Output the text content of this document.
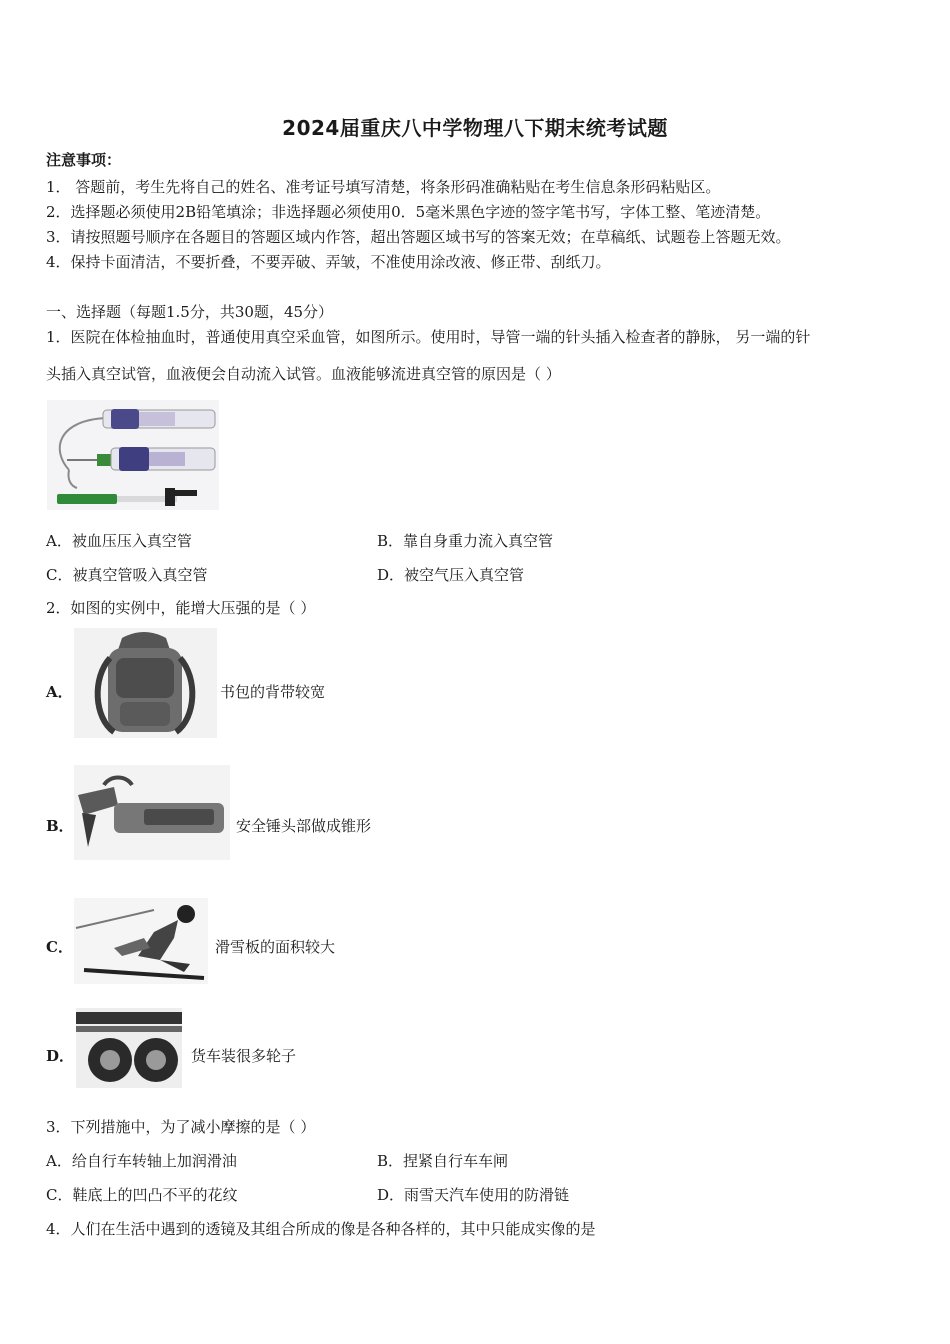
2024届重庆八中学物理八下期末统考试题
注意事项：
1． 答题前，考生先将自己的姓名、准考证号填写清楚，将条形码准确粘贴在考生信息条形码粘贴区。
2．选择题必须使用2B铅笔填涂；非选择题必须使用0．5毫米黑色字迹的签字笔书写，字体工整、笔迹清楚。
3．请按照题号顺序在各题目的答题区域内作答，超出答题区域书写的答案无效；在草稿纸、试题卷上答题无效。
4．保持卡面清洁，不要折叠，不要弄破、弄皱，不准使用涂改液、修正带、刮纸刀。
一、选择题（每题1.5分，共30题，45分）
1．医院在体检抽血时，普通使用真空采血管，如图所示。使用时，导管一端的针头插入检查者的静脉， 另一端的针
头插入真空试管，血液便会自动流入试管。血液能够流进真空管的原因是（ ）
A．被血压压入真空管	B．靠自身重力流入真空管
C．被真空管吸入真空管	D．被空气压入真空管
2．如图的实例中，能增大压强的是（ ）
A．	书包的背带较宽
B．	安全锤头部做成锥形
C．	滑雪板的面积较大
D．	货车装很多轮子
3．下列措施中，为了减小摩擦的是（ ）
A．给自行车转轴上加润滑油	B．捏紧自行车车闸
C．鞋底上的凹凸不平的花纹	D．雨雪天汽车使用的防滑链
4．人们在生活中遇到的透镜及其组合所成的像是各种各样的，其中只能成实像的是
